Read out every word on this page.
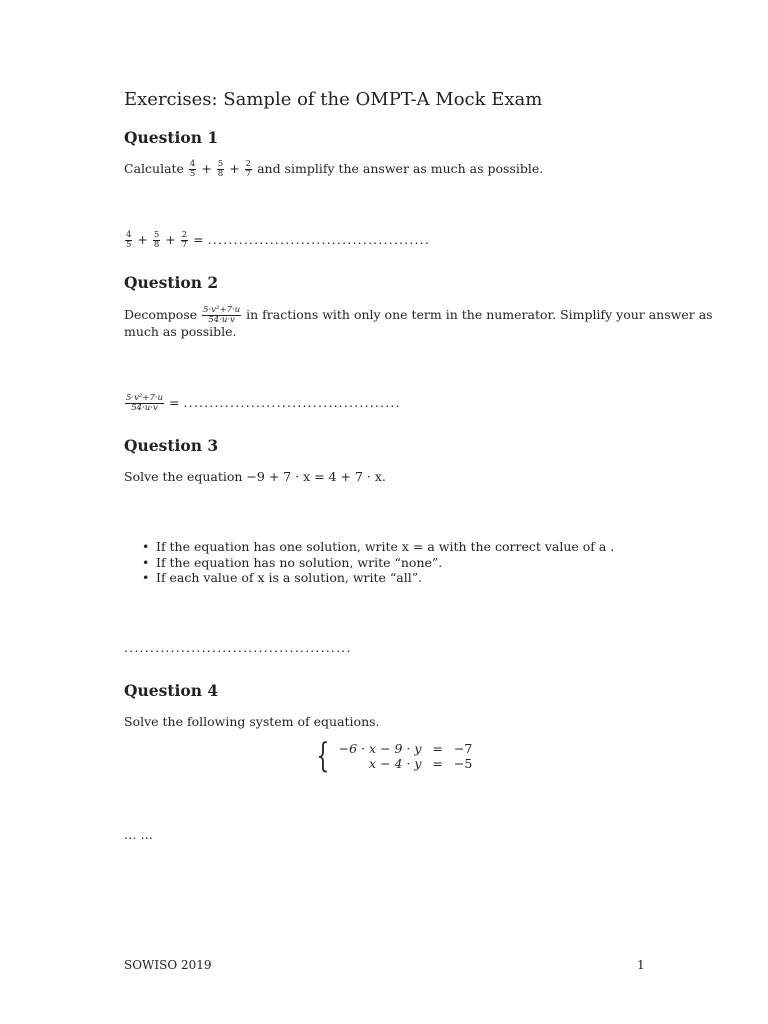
Exercises: Sample of the OMPT-A Mock Exam
Question 1
Calculate $\frac{4}{5} + \frac{5}{8} + \frac{2}{7}$ and simplify the answer as much as possible.
$\frac{4}{5} + \frac{5}{8} + \frac{2}{7}$ = ...........................................
Question 2
Decompose $\frac{\text{5·v²+7·u}}{54\cdot u\cdot v}$ in fractions with only one term in the numerator. Simplify your answer as
much as possible.
$\frac{\text{5·v²+7·u}}{54\cdot u\cdot v}$ = ..........................................
Question 3
Solve the equation −9 + 7 · x = 4 + 7 · x.
• If the equation has one solution, write x = a with the correct value of a .
• If the equation has no solution, write “none”.
• If each value of x is a solution, write “all”.
............................................
Question 4
Solve the following system of equations.
{ −6 · x − 9 · y	=	−7
x − 4 · y	=	−5
… …
SOWISO 2019	1
